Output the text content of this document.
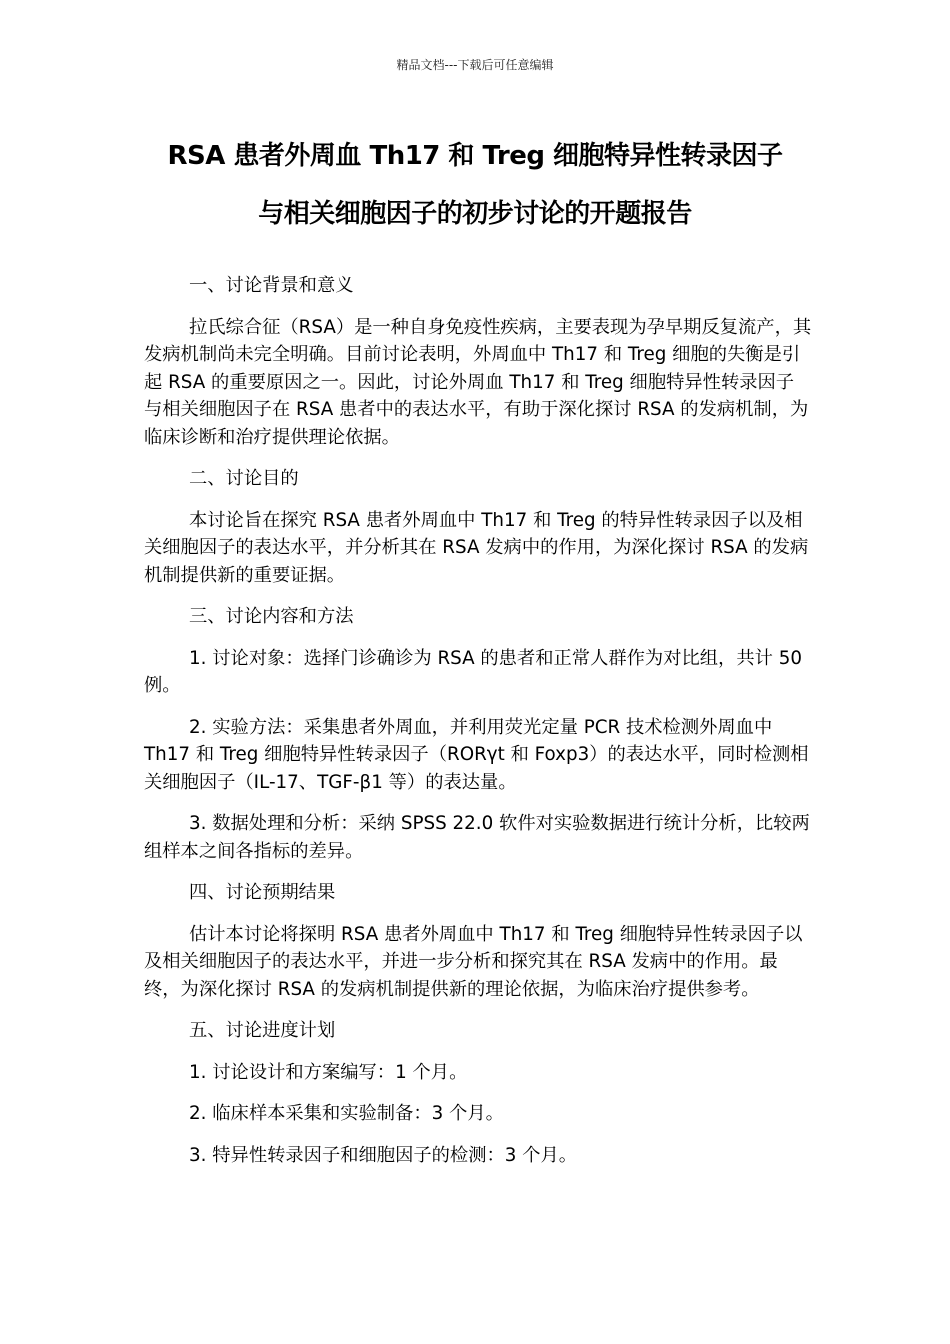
精品文档---下载后可任意编辑
RSA 患者外周血 Th17 和 Treg 细胞特异性转录因子
与相关细胞因子的初步讨论的开题报告

一、讨论背景和意义

拉氏综合征（RSA）是一种自身免疫性疾病，主要表现为孕早期反复流产，其发病机制尚未完全明确。目前讨论表明，外周血中 Th17 和 Treg 细胞的失衡是引起 RSA 的重要原因之一。因此，讨论外周血 Th17 和 Treg 细胞特异性转录因子与相关细胞因子在 RSA 患者中的表达水平，有助于深化探讨 RSA 的发病机制，为临床诊断和治疗提供理论依据。

二、讨论目的

本讨论旨在探究 RSA 患者外周血中 Th17 和 Treg 的特异性转录因子以及相关细胞因子的表达水平，并分析其在 RSA 发病中的作用，为深化探讨 RSA 的发病机制提供新的重要证据。

三、讨论内容和方法

1. 讨论对象：选择门诊确诊为 RSA 的患者和正常人群作为对比组，共计 50 例。

2. 实验方法：采集患者外周血，并利用荧光定量 PCR 技术检测外周血中 Th17 和 Treg 细胞特异性转录因子（RORγt 和 Foxp3）的表达水平，同时检测相关细胞因子（IL-17、TGF-β1 等）的表达量。

3. 数据处理和分析：采纳 SPSS 22.0 软件对实验数据进行统计分析，比较两组样本之间各指标的差异。

四、讨论预期结果

估计本讨论将探明 RSA 患者外周血中 Th17 和 Treg 细胞特异性转录因子以及相关细胞因子的表达水平，并进一步分析和探究其在 RSA 发病中的作用。最终，为深化探讨 RSA 的发病机制提供新的理论依据，为临床治疗提供参考。

五、讨论进度计划

1. 讨论设计和方案编写：1 个月。

2. 临床样本采集和实验制备：3 个月。

3. 特异性转录因子和细胞因子的检测：3 个月。
